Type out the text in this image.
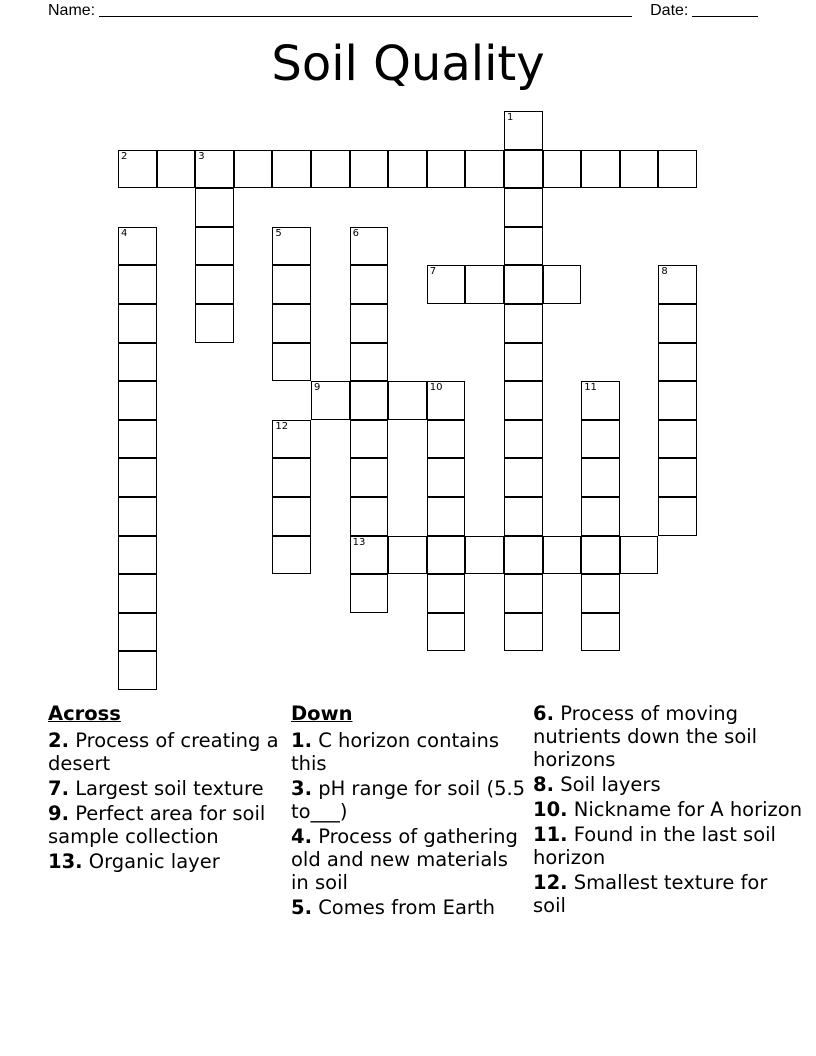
Name:	Date:
Soil Quality
2	3
7
9	10
13
1
4	5	6
8
11
12
Across
2. Process of creating a desert
7. Largest soil texture
9. Perfect area for soil sample collection
13. Organic layer
Down
1. C horizon contains this
3. pH range for soil (5.5 to___)
4. Process of gathering old and new materials in soil
5. Comes from Earth
6. Process of moving nutrients down the soil horizons
8. Soil layers
10. Nickname for A horizon
11. Found in the last soil horizon
12. Smallest texture for soil
